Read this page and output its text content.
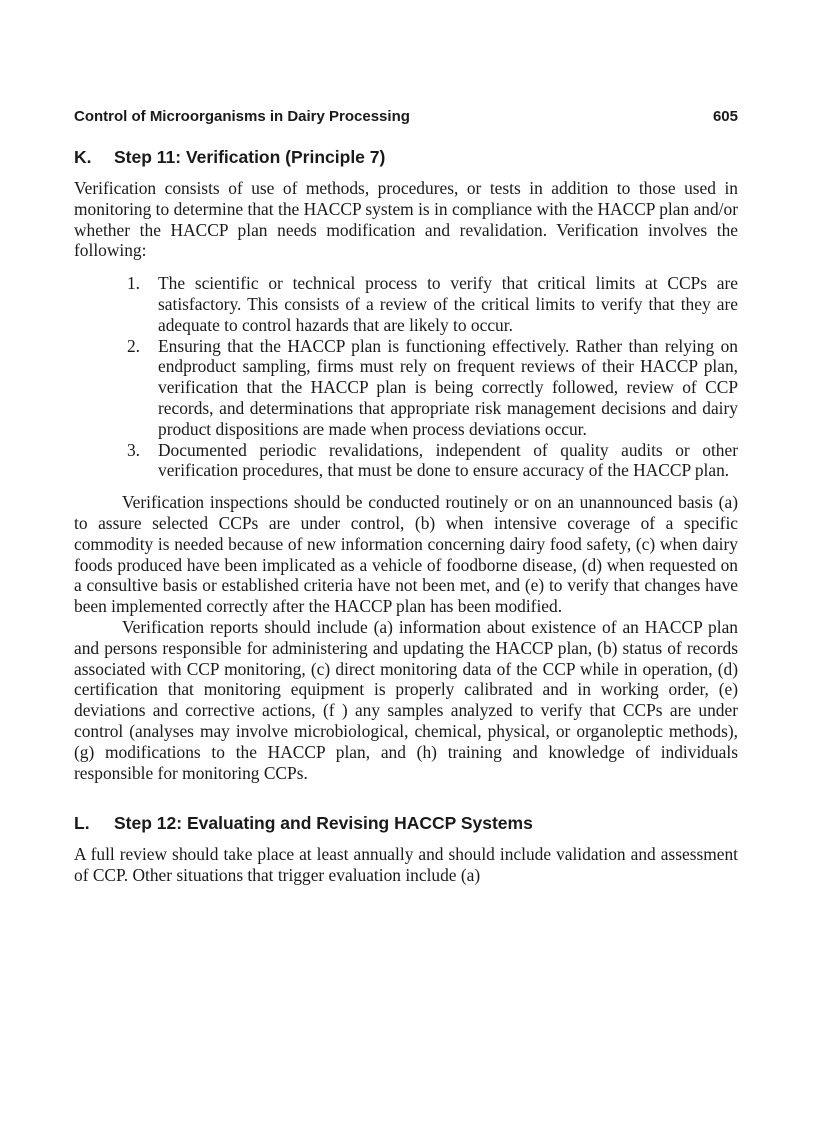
Control of Microorganisms in Dairy Processing	605
K.	Step 11: Verification (Principle 7)

Verification consists of use of methods, procedures, or tests in addition to those used in monitoring to determine that the HACCP system is in compliance with the HACCP plan and/or whether the HACCP plan needs modification and revalidation. Verification involves the following:

1.	The scientific or technical process to verify that critical limits at CCPs are satisfactory. This consists of a review of the critical limits to verify that they are adequate to control hazards that are likely to occur.
2.	Ensuring that the HACCP plan is functioning effectively. Rather than relying on endproduct sampling, firms must rely on frequent reviews of their HACCP plan, verification that the HACCP plan is being correctly followed, review of CCP records, and determinations that appropriate risk management decisions and dairy product dispositions are made when process deviations occur.
3.	Documented periodic revalidations, independent of quality audits or other verification procedures, that must be done to ensure accuracy of the HACCP plan.

Verification inspections should be conducted routinely or on an unannounced basis (a) to assure selected CCPs are under control, (b) when intensive coverage of a specific commodity is needed because of new information concerning dairy food safety, (c) when dairy foods produced have been implicated as a vehicle of foodborne disease, (d) when requested on a consultive basis or established criteria have not been met, and (e) to verify that changes have been implemented correctly after the HACCP plan has been modified.

Verification reports should include (a) information about existence of an HACCP plan and persons responsible for administering and updating the HACCP plan, (b) status of records associated with CCP monitoring, (c) direct monitoring data of the CCP while in operation, (d) certification that monitoring equipment is properly calibrated and in working order, (e) deviations and corrective actions, (f ) any samples analyzed to verify that CCPs are under control (analyses may involve microbiological, chemical, physical, or organoleptic methods), (g) modifications to the HACCP plan, and (h) training and knowledge of individuals responsible for monitoring CCPs.

L.	Step 12: Evaluating and Revising HACCP Systems

A full review should take place at least annually and should include validation and assessment of CCP. Other situations that trigger evaluation include (a)
